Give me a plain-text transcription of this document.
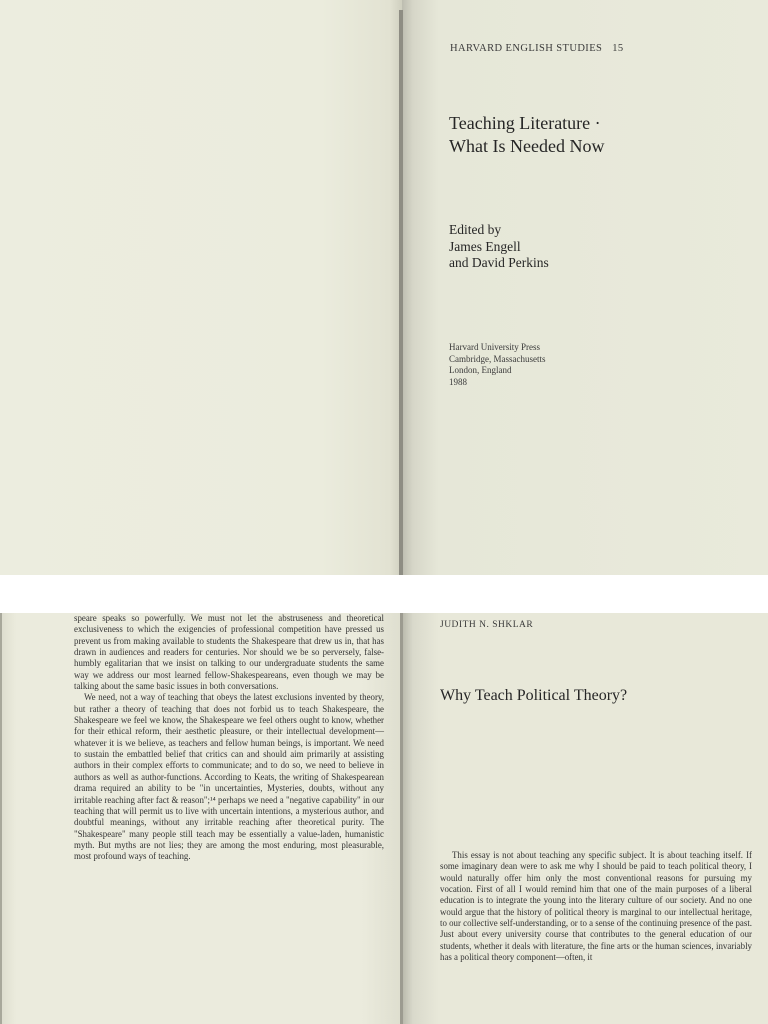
HARVARD ENGLISH STUDIES 15
Teaching Literature ·
What Is Needed Now
Edited by
James Engell
and David Perkins
Harvard University Press
Cambridge, Massachusetts
London, England
1988

speare speaks so powerfully. We must not let the abstruseness and theoretical exclusiveness to which the exigencies of professional competition have pressed us prevent us from making available to students the Shakespeare that drew us in, that has drawn in audiences and readers for centuries. Nor should we be so perversely, false-humbly egalitarian that we insist on talking to our undergraduate students the same way we address our most learned fellow-Shakespeareans, even though we may be talking about the same basic issues in both conversations.

We need, not a way of teaching that obeys the latest exclusions invented by theory, but rather a theory of teaching that does not forbid us to teach Shakespeare, the Shakespeare we feel we know, the Shakespeare we feel others ought to know, whether for their ethical reform, their aesthetic pleasure, or their intellectual development—whatever it is we believe, as teachers and fellow human beings, is important. We need to sustain the embattled belief that critics can and should aim primarily at assisting authors in their complex efforts to communicate; and to do so, we need to believe in authors as well as author-functions. According to Keats, the writing of Shakespearean drama required an ability to be "in uncertainties, Mysteries, doubts, without any irritable reaching after fact & reason";¹⁴ perhaps we need a "negative capability" in our teaching that will permit us to live with uncertain intentions, a mysterious author, and doubtful meanings, without any irritable reaching after theoretical purity. The "Shakespeare" many people still teach may be essentially a value-laden, humanistic myth. But myths are not lies; they are among the most enduring, most pleasurable, most profound ways of teaching.

JUDITH N. SHKLAR
Why Teach Political Theory?

This essay is not about teaching any specific subject. It is about teaching itself. If some imaginary dean were to ask me why I should be paid to teach political theory, I would naturally offer him only the most conventional reasons for pursuing my vocation. First of all I would remind him that one of the main purposes of a liberal education is to integrate the young into the literary culture of our society. And no one would argue that the history of political theory is marginal to our intellectual heritage, to our collective self-understanding, or to a sense of the continuing presence of the past. Just about every university course that contributes to the general education of our students, whether it deals with literature, the fine arts or the human sciences, invariably has a political theory component—often, it
